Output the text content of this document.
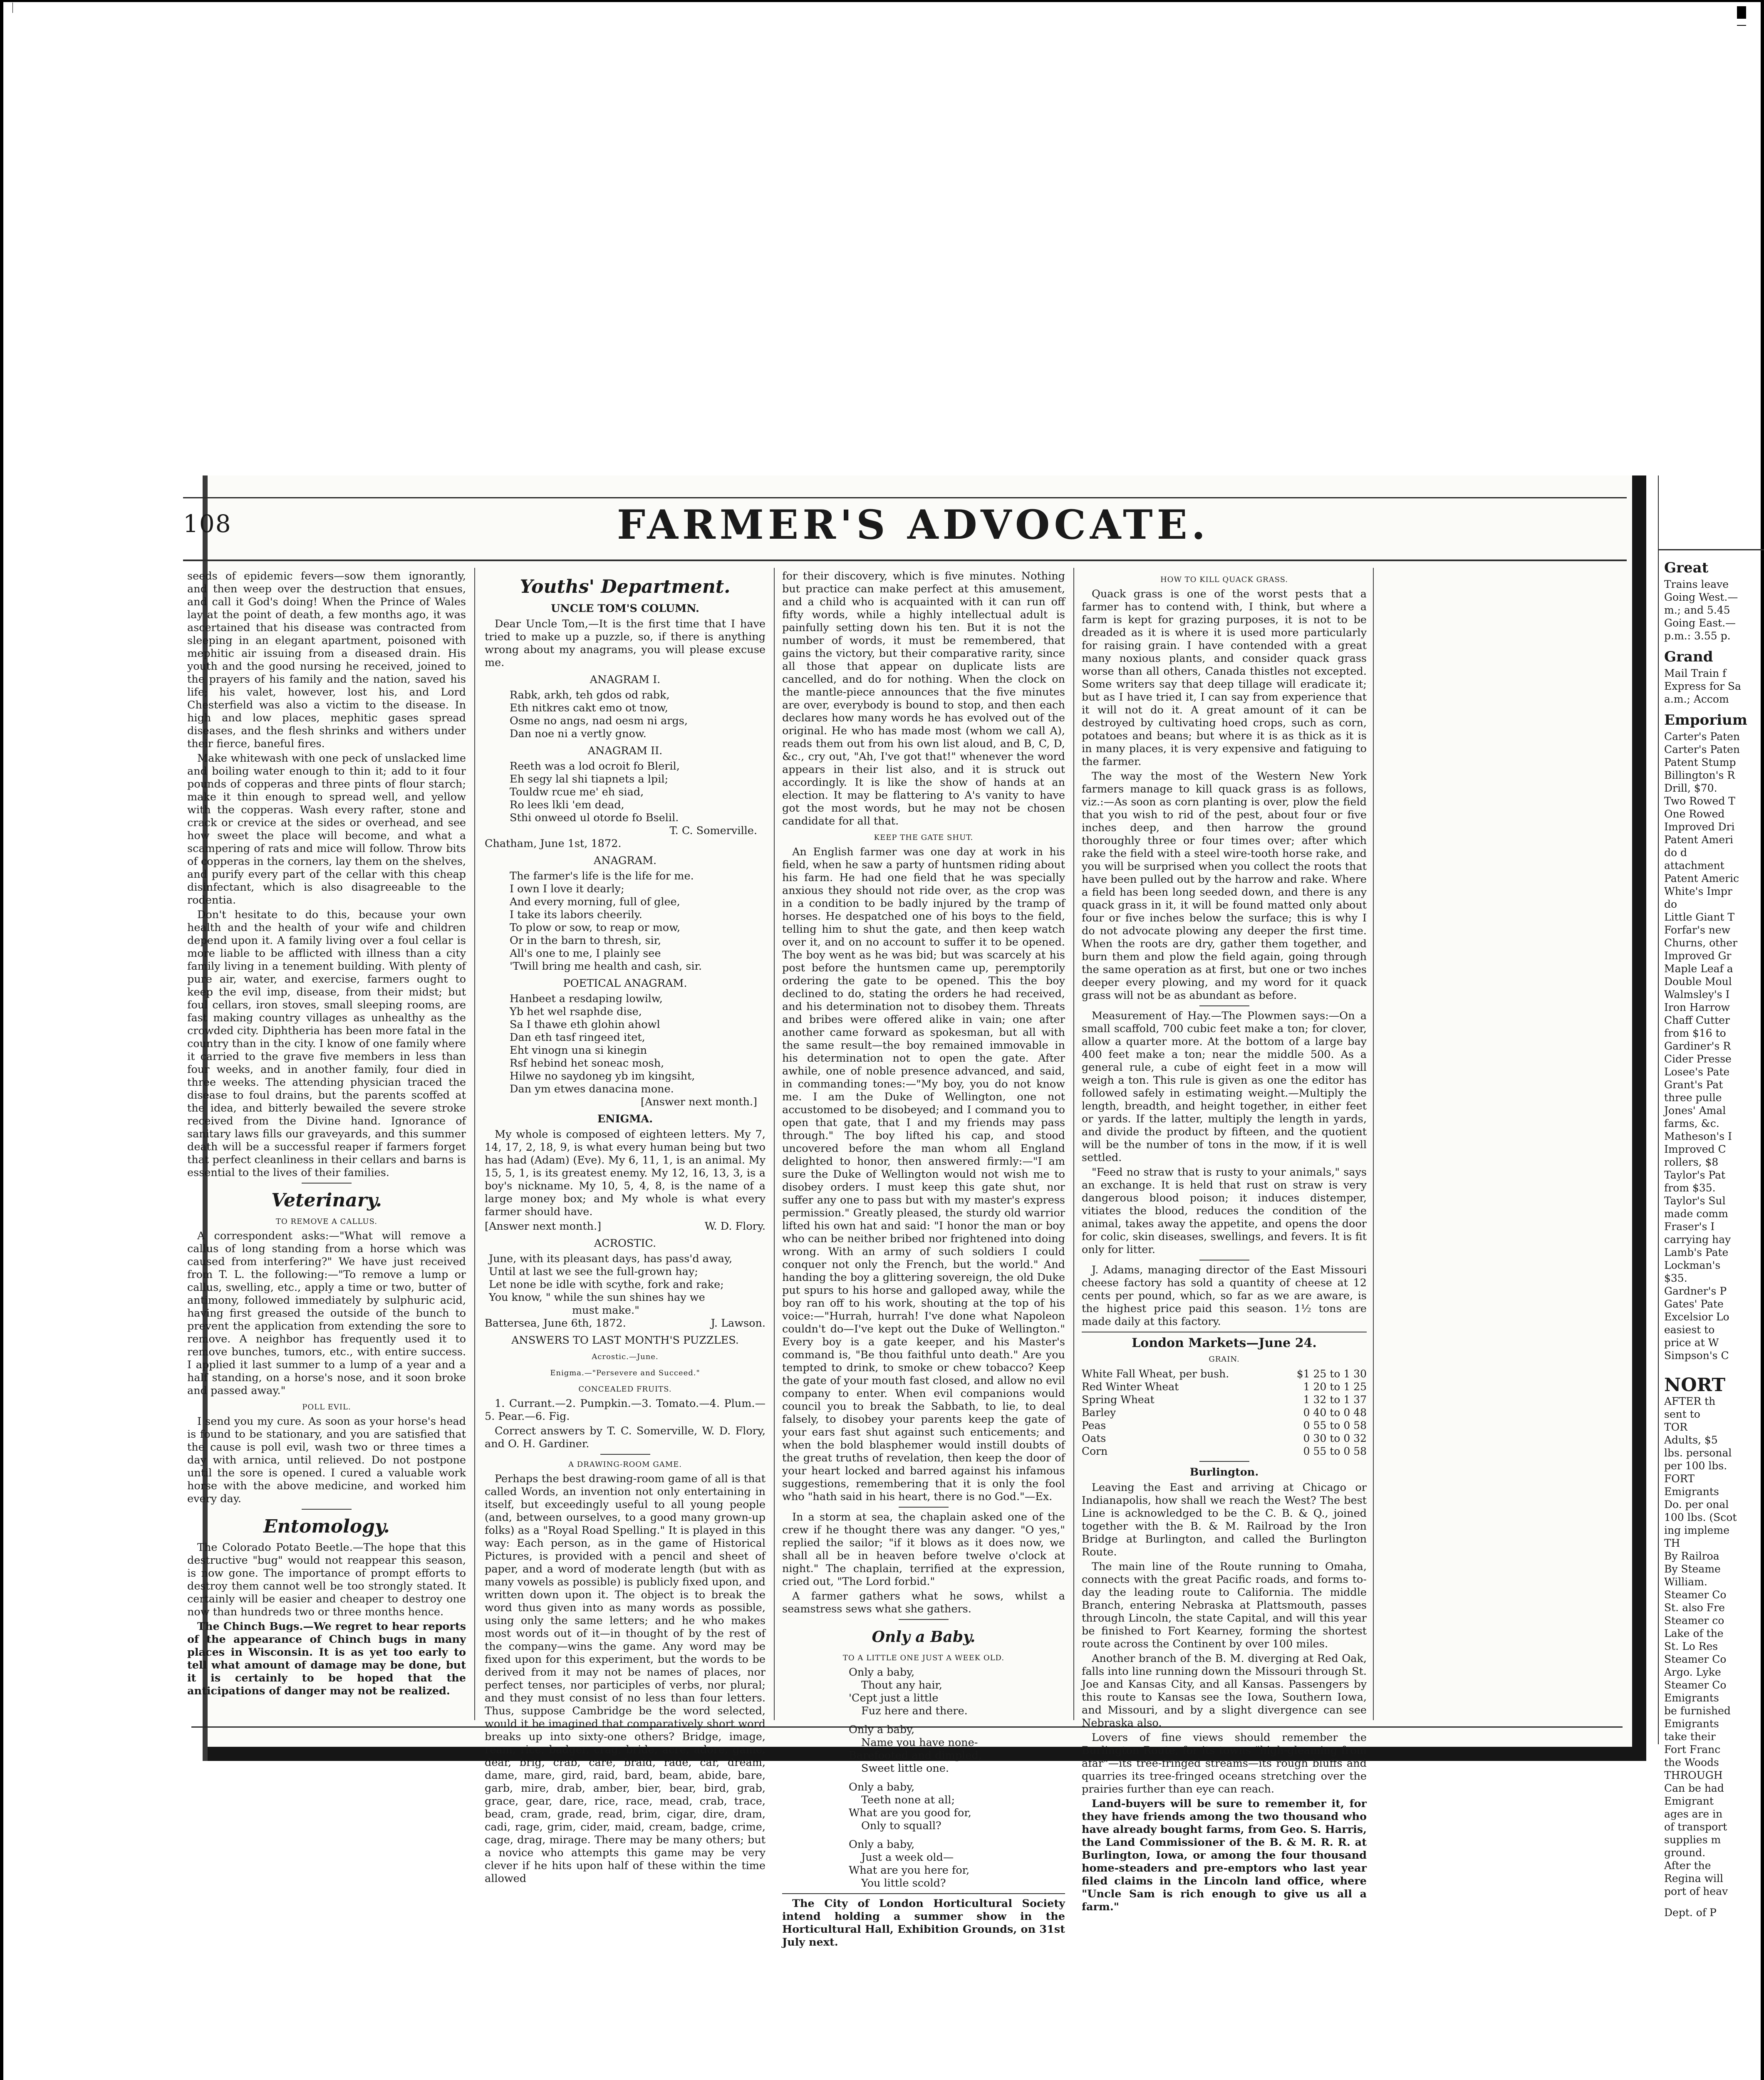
108	FARMER'S ADVOCATE.

seeds of epidemic fevers—sow them ignorantly, and then weep over the destruction that ensues, and call it God's doing! When the Prince of Wales lay at the point of death, a few months ago, it was ascertained that his disease was contracted from sleeping in an elegant apartment, poisoned with mephitic air issuing from a diseased drain. His youth and the good nursing he received, joined to the prayers of his family and the nation, saved his life; his valet, however, lost his, and Lord Chesterfield was also a victim to the disease. In high and low places, mephitic gases spread diseases, and the flesh shrinks and withers under their fierce, baneful fires.

Make whitewash with one peck of unslacked lime and boiling water enough to thin it; add to it four pounds of copperas and three pints of flour starch; make it thin enough to spread well, and yellow with the copperas. Wash every rafter, stone and crack or crevice at the sides or overhead, and see how sweet the place will become, and what a scampering of rats and mice will follow. Throw bits of copperas in the corners, lay them on the shelves, and purify every part of the cellar with this cheap disinfectant, which is also disagreeable to the rodentia.

Don't hesitate to do this, because your own health and the health of your wife and children depend upon it. A family living over a foul cellar is more liable to be afflicted with illness than a city family living in a tenement building. With plenty of pure air, water, and exercise, farmers ought to keep the evil imp, disease, from their midst; but foul cellars, iron stoves, small sleeping rooms, are fast making country villages as unhealthy as the crowded city. Diphtheria has been more fatal in the country than in the city. I know of one family where it carried to the grave five members in less than four weeks, and in another family, four died in three weeks. The attending physician traced the disease to foul drains, but the parents scoffed at the idea, and bitterly bewailed the severe stroke received from the Divine hand. Ignorance of sanitary laws fills our graveyards, and this summer death will be a successful reaper if farmers forget that perfect cleanliness in their cellars and barns is essential to the lives of their families.

Veterinary.
TO REMOVE A CALLUS.

A correspondent asks:—"What will remove a callus of long standing from a horse which was caused from interfering?" We have just received from T. L. the following:—"To remove a lump or callus, swelling, etc., apply a time or two, butter of antimony, followed immediately by sulphuric acid, having first greased the outside of the bunch to prevent the application from extending the sore to remove. A neighbor has frequently used it to remove bunches, tumors, etc., with entire success. I applied it last summer to a lump of a year and a half standing, on a horse's nose, and it soon broke and passed away."

POLL EVIL.

I send you my cure. As soon as your horse's head is found to be stationary, and you are satisfied that the cause is poll evil, wash two or three times a day with arnica, until relieved. Do not postpone until the sore is opened. I cured a valuable work horse with the above medicine, and worked him every day.

Entomology.

The Colorado Potato Beetle.—The hope that this destructive "bug" would not reappear this season, is now gone. The importance of prompt efforts to destroy them cannot well be too strongly stated. It certainly will be easier and cheaper to destroy one now than hundreds two or three months hence.

The Chinch Bugs.—We regret to hear reports of the appearance of Chinch bugs in many places in Wisconsin. It is as yet too early to tell what amount of damage may be done, but it is certainly to be hoped that the anticipations of danger may not be realized.

Youths' Department.
UNCLE TOM'S COLUMN.

Dear Uncle Tom,—It is the first time that I have tried to make up a puzzle, so, if there is anything wrong about my anagrams, you will please excuse me.

ANAGRAM I.
Rabk, arkh, teh gdos od rabk,
Eth nitkres cakt emo ot tnow,
Osme no angs, nad oesm ni args,
Dan noe ni a vertly gnow.
ANAGRAM II.
Reeth was a lod ocroit fo Bleril,
Eh segy lal shi tiapnets a lpil;
Touldw rcue me' eh siad,
Ro lees lkli 'em dead,
Sthi onweed ul otorde fo Bselil.
T. C. Somerville.
Chatham, June 1st, 1872.
ANAGRAM.
The farmer's life is the life for me.
I own I love it dearly;
And every morning, full of glee,
I take its labors cheerily.
To plow or sow, to reap or mow,
Or in the barn to thresh, sir,
All's one to me, I plainly see
'Twill bring me health and cash, sir.
POETICAL ANAGRAM.
Hanbeet a resdaping lowilw,
Yb het wel rsaphde dise,
Sa I thawe eth glohin ahowl
Dan eth tasf ringeed itet,
Eht vinogn una si kinegin
Rsf hebind het soneac mosh,
Hilwe no saydoneg yb im kingsiht,
Dan ym etwes danacina mone.
[Answer next month.]
ENIGMA.

My whole is composed of eighteen letters. My 7, 14, 17, 2, 18, 9, is what every human being but two has had (Adam) (Eve). My 6, 11, 1, is an animal. My 15, 5, 1, is its greatest enemy. My 12, 16, 13, 3, is a boy's nickname. My 10, 5, 4, 8, is the name of a large money box; and My whole is what every farmer should have.

[Answer next month.]	W. D. Flory.
ACROSTIC.
June, with its pleasant days, has pass'd away,
Until at last we see the full-grown hay;
Let none be idle with scythe, fork and rake;
You know, " while the sun shines hay we
must make."
Battersea, June 6th, 1872.	J. Lawson.
ANSWERS TO LAST MONTH'S PUZZLES.
Acrostic.—June.
Enigma.—"Persevere and Succeed."
CONCEALED FRUITS.

1. Currant.—2. Pumpkin.—3. Tomato.—4. Plum.—5. Pear.—6. Fig.

Correct answers by T. C. Somerville, W. D. Flory, and O. H. Gardiner.

A DRAWING-ROOM GAME.

Perhaps the best drawing-room game of all is that called Words, an invention not only entertaining in itself, but exceedingly useful to all young people (and, between ourselves, to a good many grown-up folks) as a "Royal Road Spelling." It is played in this way: Each person, as in the game of Historical Pictures, is provided with a pencil and sheet of paper, and a word of moderate length (but with as many vowels as possible) is publicly fixed upon, and written down upon it. The object is to break the word thus given into as many words as possible, using only the same letters; and he who makes most words out of it—in thought of by the rest of the company—wins the game. Any word may be fixed upon for this experiment, but the words to be derived from it may not be names of places, nor perfect tenses, nor participles of verbs, nor plural; and they must consist of no less than four letters. Thus, suppose Cambridge be the word selected, would it be imagined that comparatively short word breaks up into sixty-one others? Bridge, image, ream, rice, badger, crag, bride, acre, adore, game, dear, brig, crab, care, braid, rade, car, dream, dame, mare, gird, raid, bard, beam, abide, bare, garb, mire, drab, amber, bier, bear, bird, grab, grace, gear, dare, rice, race, mead, crab, trace, bead, cram, grade, read, brim, cigar, dire, dram, cadi, rage, grim, cider, maid, cream, badge, crime, cage, drag, mirage. There may be many others; but a novice who attempts this game may be very clever if he hits upon half of these within the time allowed

for their discovery, which is five minutes. Nothing but practice can make perfect at this amusement, and a child who is acquainted with it can run off fifty words, while a highly intellectual adult is painfully setting down his ten. But it is not the number of words, it must be remembered, that gains the victory, but their comparative rarity, since all those that appear on duplicate lists are cancelled, and do for nothing. When the clock on the mantle-piece announces that the five minutes are over, everybody is bound to stop, and then each declares how many words he has evolved out of the original. He who has made most (whom we call A), reads them out from his own list aloud, and B, C, D, &c., cry out, "Ah, I've got that!" whenever the word appears in their list also, and it is struck out accordingly. It is like the show of hands at an election. It may be flattering to A's vanity to have got the most words, but he may not be chosen candidate for all that.

KEEP THE GATE SHUT.

An English farmer was one day at work in his field, when he saw a party of huntsmen riding about his farm. He had one field that he was specially anxious they should not ride over, as the crop was in a condition to be badly injured by the tramp of horses. He despatched one of his boys to the field, telling him to shut the gate, and then keep watch over it, and on no account to suffer it to be opened. The boy went as he was bid; but was scarcely at his post before the huntsmen came up, peremptorily ordering the gate to be opened. This the boy declined to do, stating the orders he had received, and his determination not to disobey them. Threats and bribes were offered alike in vain; one after another came forward as spokesman, but all with the same result—the boy remained immovable in his determination not to open the gate. After awhile, one of noble presence advanced, and said, in commanding tones:—"My boy, you do not know me. I am the Duke of Wellington, one not accustomed to be disobeyed; and I command you to open that gate, that I and my friends may pass through." The boy lifted his cap, and stood uncovered before the man whom all England delighted to honor, then answered firmly:—"I am sure the Duke of Wellington would not wish me to disobey orders. I must keep this gate shut, nor suffer any one to pass but with my master's express permission." Greatly pleased, the sturdy old warrior lifted his own hat and said: "I honor the man or boy who can be neither bribed nor frightened into doing wrong. With an army of such soldiers I could conquer not only the French, but the world." And handing the boy a glittering sovereign, the old Duke put spurs to his horse and galloped away, while the boy ran off to his work, shouting at the top of his voice:—"Hurrah, hurrah! I've done what Napoleon couldn't do—I've kept out the Duke of Wellington." Every boy is a gate keeper, and his Master's command is, "Be thou faithful unto death." Are you tempted to drink, to smoke or chew tobacco? Keep the gate of your mouth fast closed, and allow no evil company to enter. When evil companions would council you to break the Sabbath, to lie, to deal falsely, to disobey your parents keep the gate of your ears fast shut against such enticements; and when the bold blasphemer would instill doubts of the great truths of revelation, then keep the door of your heart locked and barred against his infamous suggestions, remembering that it is only the fool who "hath said in his heart, there is no God."—Ex.

In a storm at sea, the chaplain asked one of the crew if he thought there was any danger. "O yes," replied the sailor; "if it blows as it does now, we shall all be in heaven before twelve o'clock at night." The chaplain, terrified at the expression, cried out, "The Lord forbid."

A farmer gathers what he sows, whilst a seamstress sews what she gathers.

Only a Baby.
TO A LITTLE ONE JUST A WEEK OLD.
Only a baby,
Thout any hair,
'Cept just a little
Fuz here and there.
Only a baby,
Name you have none-
Barefooted and dimpled,
Sweet little one.
Only a baby,
Teeth none at all;
What are you good for,
Only to squall?
Only a baby,
Just a week old—
What are you here for,
You little scold?

The City of London Horticultural Society intend holding a summer show in the Horticultural Hall, Exhibition Grounds, on 31st July next.

HOW TO KILL QUACK GRASS.

Quack grass is one of the worst pests that a farmer has to contend with, I think, but where a farm is kept for grazing purposes, it is not to be dreaded as it is where it is used more particularly for raising grain. I have contended with a great many noxious plants, and consider quack grass worse than all others, Canada thistles not excepted. Some writers say that deep tillage will eradicate it; but as I have tried it, I can say from experience that it will not do it. A great amount of it can be destroyed by cultivating hoed crops, such as corn, potatoes and beans; but where it is as thick as it is in many places, it is very expensive and fatiguing to the farmer.

The way the most of the Western New York farmers manage to kill quack grass is as follows, viz.:—As soon as corn planting is over, plow the field that you wish to rid of the pest, about four or five inches deep, and then harrow the ground thoroughly three or four times over; after which rake the field with a steel wire-tooth horse rake, and you will be surprised when you collect the roots that have been pulled out by the harrow and rake. Where a field has been long seeded down, and there is any quack grass in it, it will be found matted only about four or five inches below the surface; this is why I do not advocate plowing any deeper the first time. When the roots are dry, gather them together, and burn them and plow the field again, going through the same operation as at first, but one or two inches deeper every plowing, and my word for it quack grass will not be as abundant as before.

Measurement of Hay.—The Plowmen says:—On a small scaffold, 700 cubic feet make a ton; for clover, allow a quarter more. At the bottom of a large bay 400 feet make a ton; near the middle 500. As a general rule, a cube of eight feet in a mow will weigh a ton. This rule is given as one the editor has followed safely in estimating weight.—Multiply the length, breadth, and height together, in either feet or yards. If the latter, multiply the length in yards, and divide the product by fifteen, and the quotient will be the number of tons in the mow, if it is well settled.

"Feed no straw that is rusty to your animals," says an exchange. It is held that rust on straw is very dangerous blood poison; it induces distemper, vitiates the blood, reduces the condition of the animal, takes away the appetite, and opens the door for colic, skin diseases, swellings, and fevers. It is fit only for litter.

J. Adams, managing director of the East Missouri cheese factory has sold a quantity of cheese at 12 cents per pound, which, so far as we are aware, is the highest price paid this season. 1½ tons are made daily at this factory.

London Markets—June 24.
GRAIN.
White Fall Wheat, per bush.	$1 25 to 1 30
Red Winter Wheat	1 20 to 1 25
Spring Wheat	1 32 to 1 37
Barley	0 40 to 0 48
Peas	0 55 to 0 58
Oats	0 30 to 0 32
Corn	0 55 to 0 58
Burlington.

Leaving the East and arriving at Chicago or Indianapolis, how shall we reach the West? The best Line is acknowledged to be the C. B. & Q., joined together with the B. & M. Railroad by the Iron Bridge at Burlington, and called the Burlington Route.

The main line of the Route running to Omaha, connects with the great Pacific roads, and forms to-day the leading route to California. The middle Branch, entering Nebraska at Plattsmouth, passes through Lincoln, the state Capital, and will this year be finished to Fort Kearney, forming the shortest route across the Continent by over 100 miles.

Another branch of the B. M. diverging at Red Oak, falls into line running down the Missouri through St. Joe and Kansas City, and all Kansas. Passengers by this route to Kansas see the Iowa, Southern Iowa, and Missouri, and by a slight divergence can see Nebraska also.

Lovers of fine views should remember the Burlington Route, for its towns "high-gleaming from afar"—its tree-fringed streams—its rough bluffs and quarries its tree-fringed oceans stretching over the prairies further than eye can reach.

Land-buyers will be sure to remember it, for they have friends among the two thousand who have already bought farms, from Geo. S. Harris, the Land Commissioner of the B. & M. R. R. at Burlington, Iowa, or among the four thousand home-steaders and pre-emptors who last year filed claims in the Lincoln land office, where "Uncle Sam is rich enough to give us all a farm."

Great
Trains leave
Going West.—
m.; and 5.45
Going East.—
p.m.: 3.55 p.
Grand
Mail Train f
Express for Sa
a.m.; Accom
Emporium
Carter's Paten
Carter's Paten
Patent Stump
Billington's R
Drill, $70.
Two Rowed T
One Rowed
Improved Dri
Patent Ameri
do d
attachment
Patent Americ
White's Impr
do
Little Giant T
Forfar's new
Churns, other
Improved Gr
Maple Leaf a
Double Moul
Walmsley's I
Iron Harrow
Chaff Cutter
from $16 to
Gardiner's R
Cider Presse
Losee's Pate
Grant's Pat
three pulle
Jones' Amal
farms, &c.
Matheson's I
Improved C
rollers, $8
Taylor's Pat
from $35.
Taylor's Sul
made comm
Fraser's I
carrying hay
Lamb's Pate
Lockman's
$35.
Gardner's P
Gates' Pate
Excelsior Lo
easiest to
price at W
Simpson's C
NORT
AFTER th
sent to
TOR
Adults, $5
lbs. personal
per 100 lbs.
FORT
Emigrants
Do. per onal
100 lbs. (Scot
ing impleme
TH
By Railroa
By Steame
William.
Steamer Co
St. also Fre
Steamer co
Lake of the
St. Lo Res
Steamer Co
Argo. Lyke
Steamer Co
Emigrants
be furnished
Emigrants
take their
Fort Franc
the Woods
THROUGH
Can be had
Emigrant
ages are in
of transport
supplies m
ground.
After the
Regina will
port of heav
Dept. of P
